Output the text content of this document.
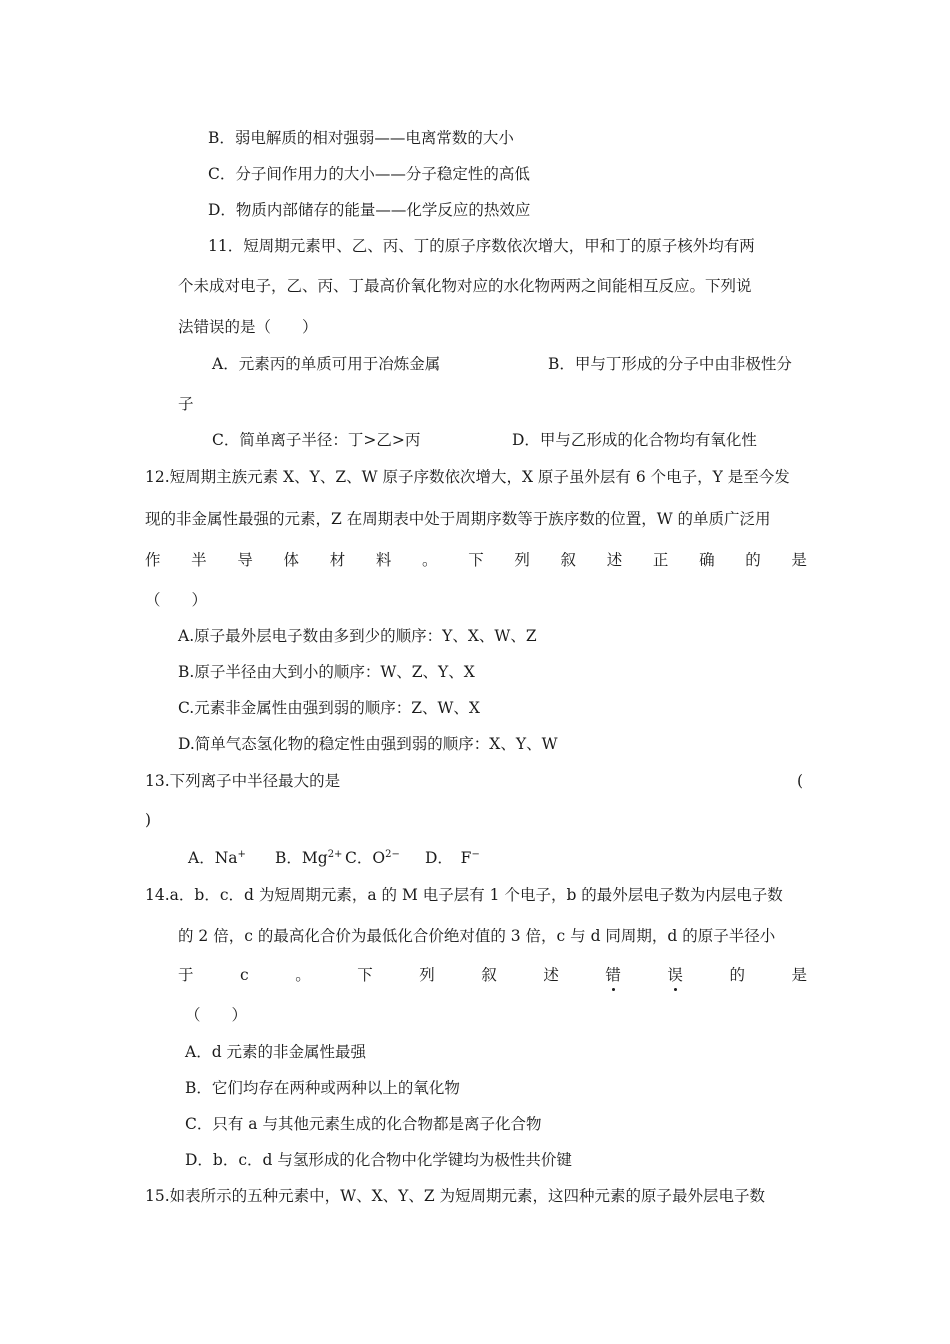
B．弱电解质的相对强弱——电离常数的大小
C．分子间作用力的大小——分子稳定性的高低
D．物质内部储存的能量——化学反应的热效应
11．短周期元素甲、乙、丙、丁的原子序数依次增大，甲和丁的原子核外均有两
个未成对电子，乙、丙、丁最高价氧化物对应的水化物两两之间能相互反应。下列说
法错误的是（　　）
A．元素丙的单质可用于冶炼金属	B．甲与丁形成的分子中由非极性分
子
C．简单离子半径：丁>乙>丙	D．甲与乙形成的化合物均有氧化性
12.短周期主族元素 X、Y、Z、W 原子序数依次增大，X 原子虽外层有 6 个电子，Y 是至今发
现的非金属性最强的元素，Z 在周期表中处于周期序数等于族序数的位置，W 的单质广泛用
作 半 导 体 材 料 。 下 列 叙 述 正 确 的 是
（　　）
A.原子最外层电子数由多到少的顺序：Y、X、W、Z
B.原子半径由大到小的顺序：W、Z、Y、X
C.元素非金属性由强到弱的顺序：Z、W、X
D.简单气态氢化物的稳定性由强到弱的顺序：X、Y、W
13.下列离子中半径最大的是	(
)
A．Na+ B．$Mg^{2+}$ C．$O^{2-}$ D．　F−
14.a．b．c．d 为短周期元素，a 的 M 电子层有 1 个电子，b 的最外层电子数为内层电子数
的 2 倍，c 的最高化合价为最低化合价绝对值的 3 倍，c 与 d 同周期，d 的原子半径小
于	c	。	下	列	叙	述	错	误	的	是
（　　）
A．d 元素的非金属性最强
B．它们均存在两种或两种以上的氧化物
C．只有 a 与其他元素生成的化合物都是离子化合物
D．b．c．d 与氢形成的化合物中化学键均为极性共价键
15.如表所示的五种元素中，W、X、Y、Z 为短周期元素，这四种元素的原子最外层电子数
